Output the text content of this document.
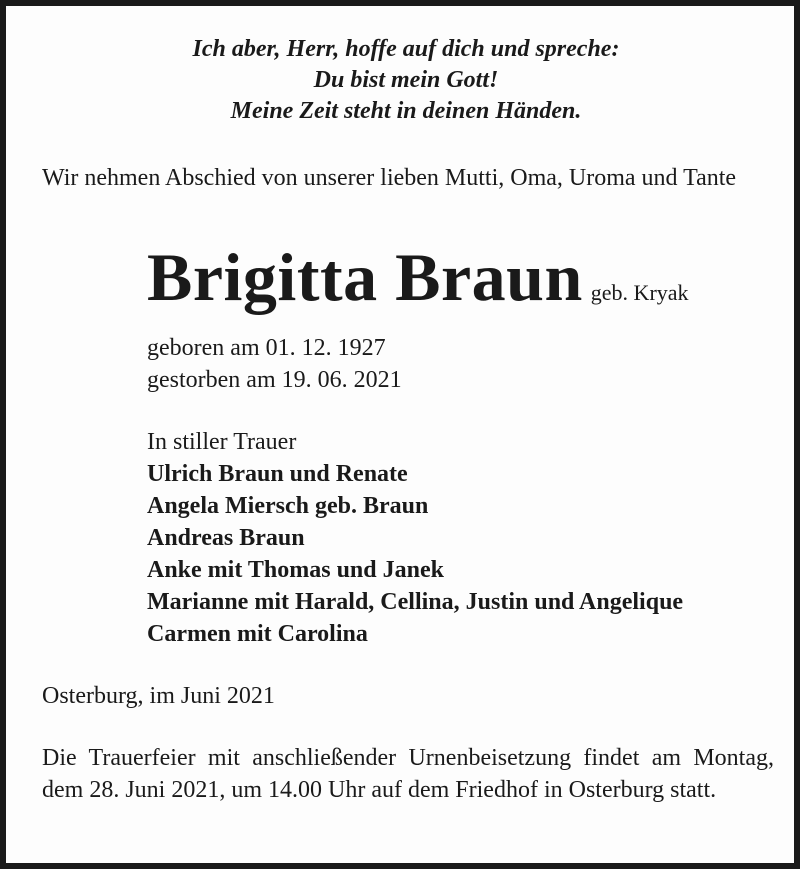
Ich aber, Herr, hoffe auf dich und spreche:
Du bist mein Gott!
Meine Zeit steht in deinen Händen.
Wir nehmen Abschied von unserer lieben Mutti, Oma, Uroma und Tante
Brigitta Braun geb. Kryak
geboren am 01. 12. 1927
gestorben am 19. 06. 2021
In stiller Trauer
Ulrich Braun und Renate
Angela Miersch geb. Braun
Andreas Braun
Anke mit Thomas und Janek
Marianne mit Harald, Cellina, Justin und Angelique
Carmen mit Carolina
Osterburg, im Juni 2021
Die Trauerfeier mit anschließender Urnenbeisetzung findet am Montag, dem 28. Juni 2021, um 14.00 Uhr auf dem Friedhof in Osterburg statt.
